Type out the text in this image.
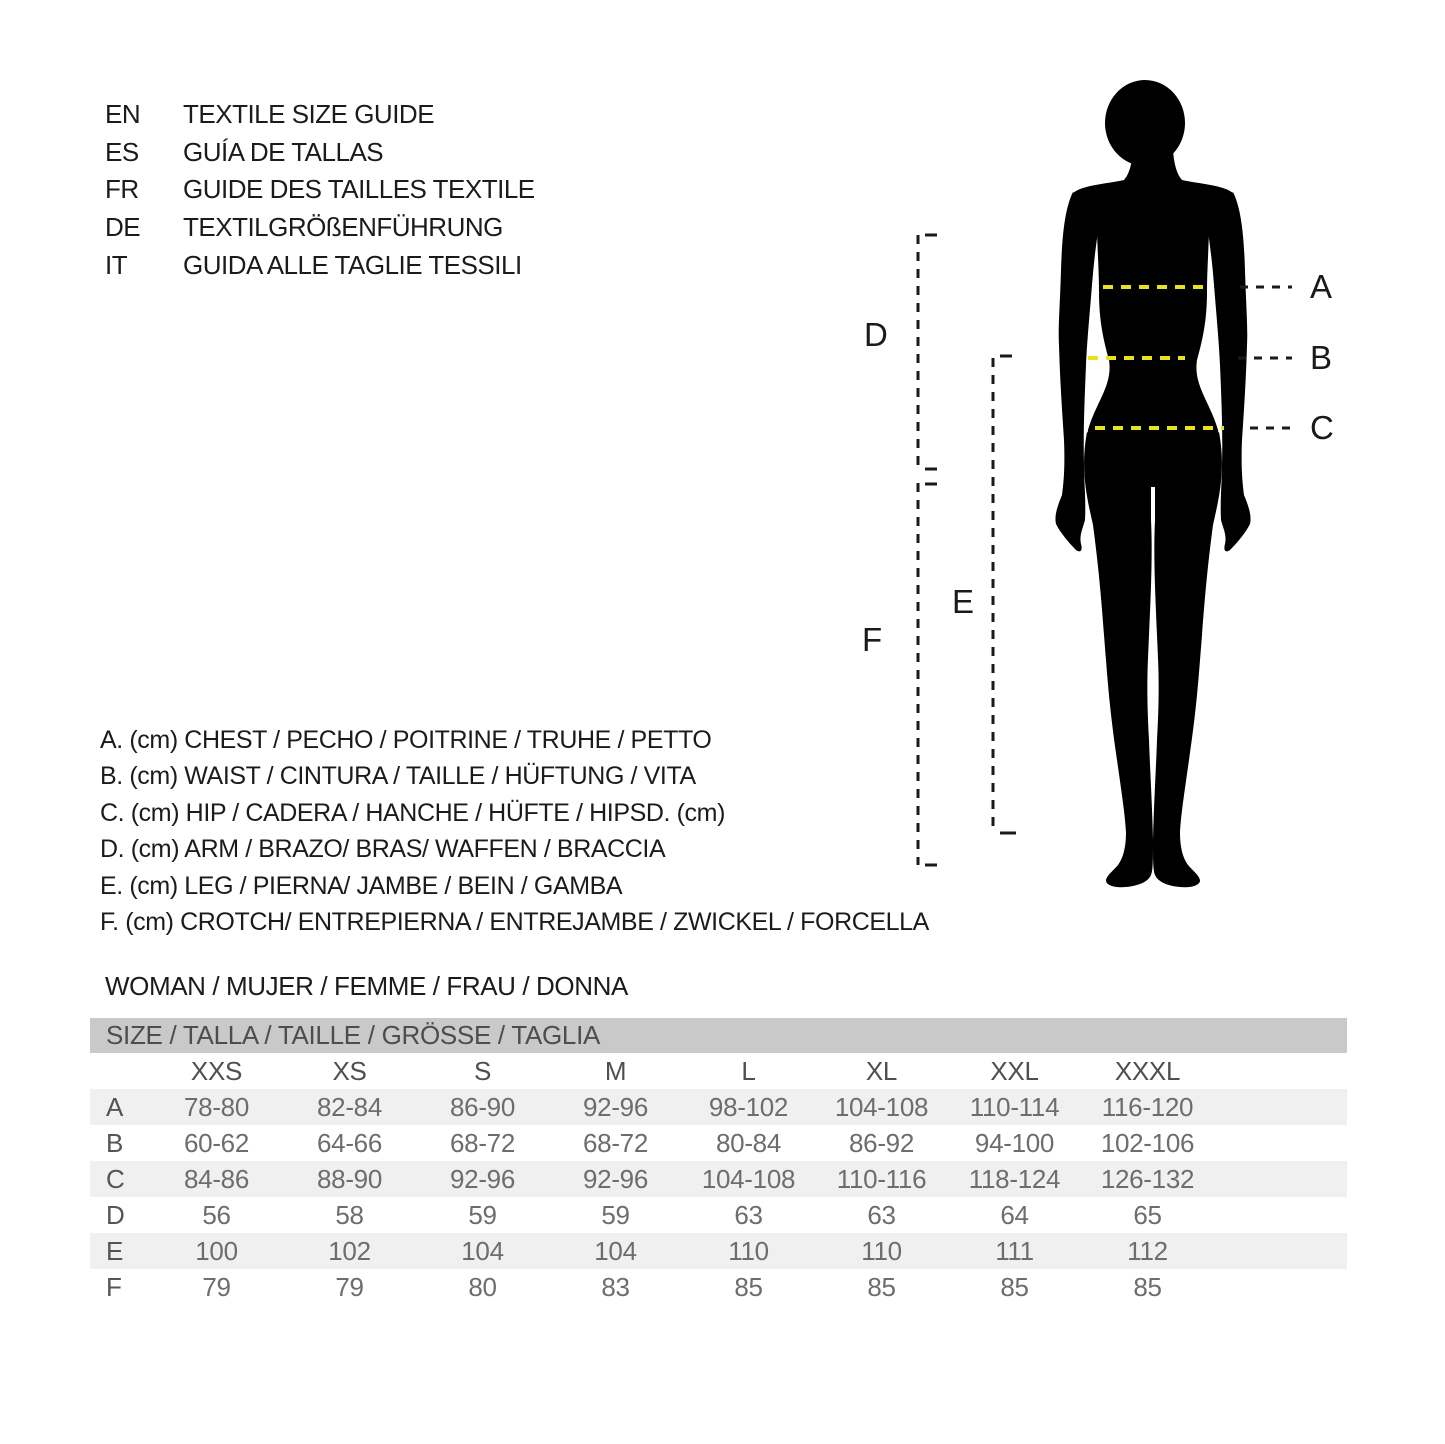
EN	TEXTILE SIZE GUIDE
ES	GUÍA DE TALLAS
FR	GUIDE DES TAILLES TEXTILE
DE	TEXTILGRÖßENFÜHRUNG
IT	GUIDA ALLE TAGLIE TESSILI
A
B
C
D
E
F
A. (cm) CHEST / PECHO / POITRINE / TRUHE / PETTO
B. (cm) WAIST / CINTURA / TAILLE / HÜFTUNG / VITA
C. (cm) HIP / CADERA / HANCHE / HÜFTE / HIPSD. (cm)
D. (cm) ARM / BRAZO/ BRAS/ WAFFEN / BRACCIA
E. (cm) LEG / PIERNA/ JAMBE / BEIN / GAMBA
F. (cm) CROTCH/ ENTREPIERNA / ENTREJAMBE / ZWICKEL / FORCELLA
WOMAN / MUJER / FEMME / FRAU / DONNA
SIZE / TALLA / TAILLE / GRÖSSE / TAGLIA
XXS	XS	S	M	L	XL	XXL	XXXL
A	78-80	82-84	86-90	92-96	98-102	104-108	110-114	116-120
B	60-62	64-66	68-72	68-72	80-84	86-92	94-100	102-106
C	84-86	88-90	92-96	92-96	104-108	110-116	118-124	126-132
D	56	58	59	59	63	63	64	65
E	100	102	104	104	110	110	111	112
F	79	79	80	83	85	85	85	85
